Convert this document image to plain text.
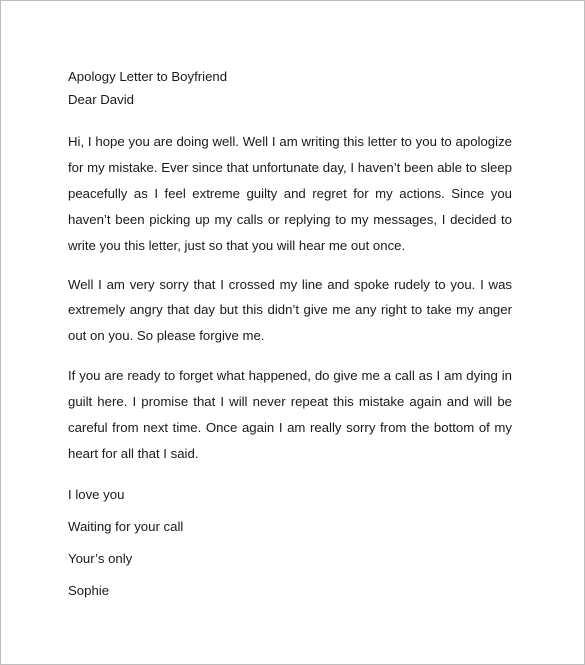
Apology Letter to Boyfriend
Dear David

Hi, I hope you are doing well. Well I am writing this letter to you to apologize for my mistake. Ever since that unfortunate day, I haven’t been able to sleep peacefully as I feel extreme guilty and regret for my actions. Since you haven’t been picking up my calls or replying to my messages, I decided to write you this letter, just so that you will hear me out once.

Well I am very sorry that I crossed my line and spoke rudely to you. I was extremely angry that day but this didn’t give me any right to take my anger out on you. So please forgive me.

If you are ready to forget what happened, do give me a call as I am dying in guilt here. I promise that I will never repeat this mistake again and will be careful from next time. Once again I am really sorry from the bottom of my heart for all that I said.

I love you
Waiting for your call
Your’s only
Sophie
